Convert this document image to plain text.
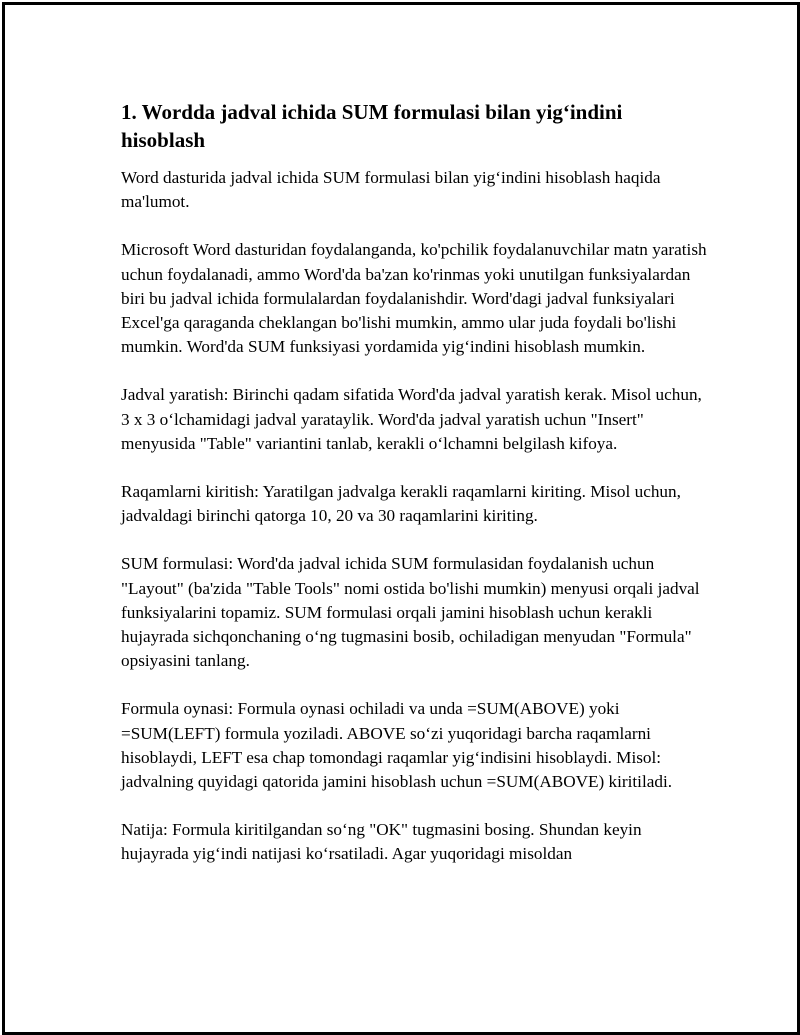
1. Wordda jadval ichida SUM formulasi bilan yig‘indini hisoblash

Word dasturida jadval ichida SUM formulasi bilan yig‘indini hisoblash haqida ma'lumot.

Microsoft Word dasturidan foydalanganda, ko'pchilik foydalanuvchilar matn yaratish uchun foydalanadi, ammo Word'da ba'zan ko'rinmas yoki unutilgan funksiyalardan biri bu jadval ichida formulalardan foydalanishdir. Word'dagi jadval funksiyalari Excel'ga qaraganda cheklangan bo'lishi mumkin, ammo ular juda foydali bo'lishi mumkin. Word'da SUM funksiyasi yordamida yig‘indini hisoblash mumkin.

Jadval yaratish: Birinchi qadam sifatida Word'da jadval yaratish kerak. Misol uchun, 3 x 3 o‘lchamidagi jadval yarataylik. Word'da jadval yaratish uchun "Insert" menyusida "Table" variantini tanlab, kerakli o‘lchamni belgilash kifoya.

Raqamlarni kiritish: Yaratilgan jadvalga kerakli raqamlarni kiriting. Misol uchun, jadvaldagi birinchi qatorga 10, 20 va 30 raqamlarini kiriting.

SUM formulasi: Word'da jadval ichida SUM formulasidan foydalanish uchun "Layout" (ba'zida "Table Tools" nomi ostida bo'lishi mumkin) menyusi orqali jadval funksiyalarini topamiz. SUM formulasi orqali jamini hisoblash uchun kerakli hujayrada sichqonchaning o‘ng tugmasini bosib, ochiladigan menyudan "Formula" opsiyasini tanlang.

Formula oynasi: Formula oynasi ochiladi va unda =SUM(ABOVE) yoki =SUM(LEFT) formula yoziladi. ABOVE so‘zi yuqoridagi barcha raqamlarni hisoblaydi, LEFT esa chap tomondagi raqamlar yig‘indisini hisoblaydi. Misol: jadvalning quyidagi qatorida jamini hisoblash uchun =SUM(ABOVE) kiritiladi.

Natija: Formula kiritilgandan so‘ng "OK" tugmasini bosing. Shundan keyin hujayrada yig‘indi natijasi ko‘rsatiladi. Agar yuqoridagi misoldan
